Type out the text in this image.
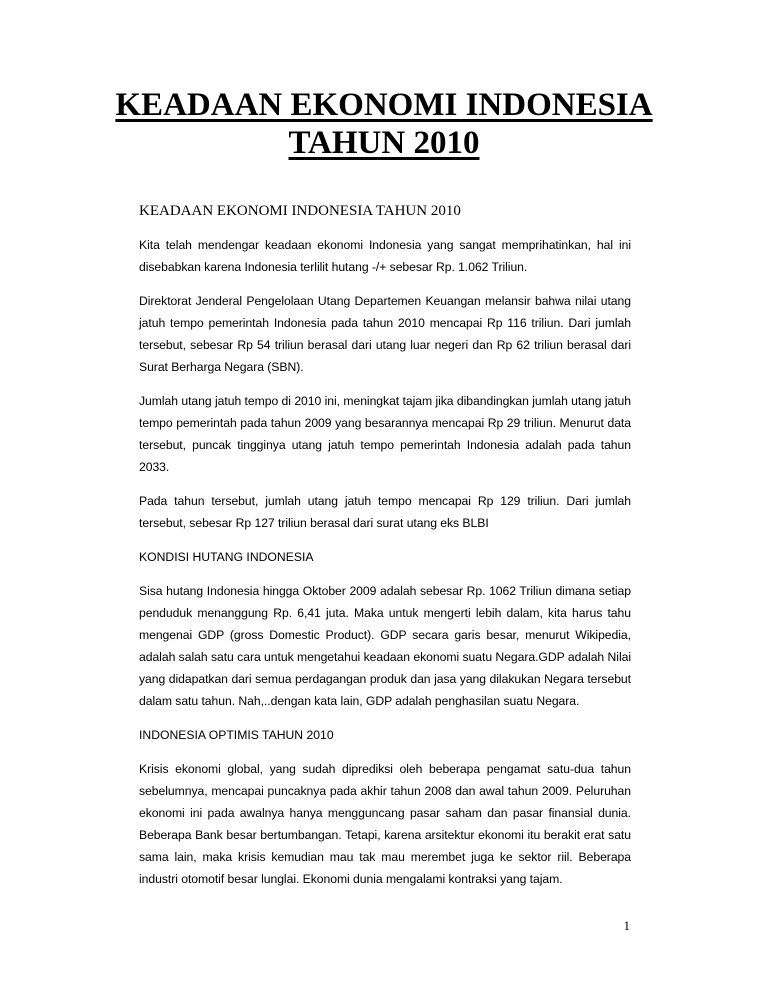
KEADAAN EKONOMI INDONESIA
TAHUN 2010

KEADAAN EKONOMI INDONESIA TAHUN 2010

Kita telah mendengar keadaan ekonomi Indonesia yang sangat memprihatinkan, hal ini disebabkan karena Indonesia terlilit hutang -/+ sebesar Rp. 1.062 Triliun.

Direktorat Jenderal Pengelolaan Utang Departemen Keuangan melansir bahwa nilai utang jatuh tempo pemerintah Indonesia pada tahun 2010 mencapai Rp 116 triliun. Dari jumlah tersebut, sebesar Rp 54 triliun berasal dari utang luar negeri dan Rp 62 triliun berasal dari Surat Berharga Negara (SBN).

Jumlah utang jatuh tempo di 2010 ini, meningkat tajam jika dibandingkan jumlah utang jatuh tempo pemerintah pada tahun 2009 yang besarannya mencapai Rp 29 triliun. Menurut data tersebut, puncak tingginya utang jatuh tempo pemerintah Indonesia adalah pada tahun 2033.

Pada tahun tersebut, jumlah utang jatuh tempo mencapai Rp 129 triliun. Dari jumlah tersebut, sebesar Rp 127 triliun berasal dari surat utang eks BLBI

KONDISI HUTANG INDONESIA

Sisa hutang Indonesia hingga Oktober 2009 adalah sebesar Rp. 1062 Triliun dimana setiap penduduk menanggung Rp. 6,41 juta. Maka untuk mengerti lebih dalam, kita harus tahu mengenai GDP (gross Domestic Product). GDP secara garis besar, menurut Wikipedia, adalah salah satu cara untuk mengetahui keadaan ekonomi suatu Negara.GDP adalah Nilai yang didapatkan dari semua perdagangan produk dan jasa yang dilakukan Negara tersebut dalam satu tahun. Nah,..dengan kata lain, GDP adalah penghasilan suatu Negara.

INDONESIA OPTIMIS TAHUN 2010

Krisis ekonomi global, yang sudah diprediksi oleh beberapa pengamat satu-dua tahun sebelumnya, mencapai puncaknya pada akhir tahun 2008 dan awal tahun 2009. Peluruhan ekonomi ini pada awalnya hanya mengguncang pasar saham dan pasar finansial dunia. Beberapa Bank besar bertumbangan. Tetapi, karena arsitektur ekonomi itu berakit erat satu sama lain, maka krisis kemudian mau tak mau merembet juga ke sektor riil. Beberapa industri otomotif besar lunglai. Ekonomi dunia mengalami kontraksi yang tajam.

1
